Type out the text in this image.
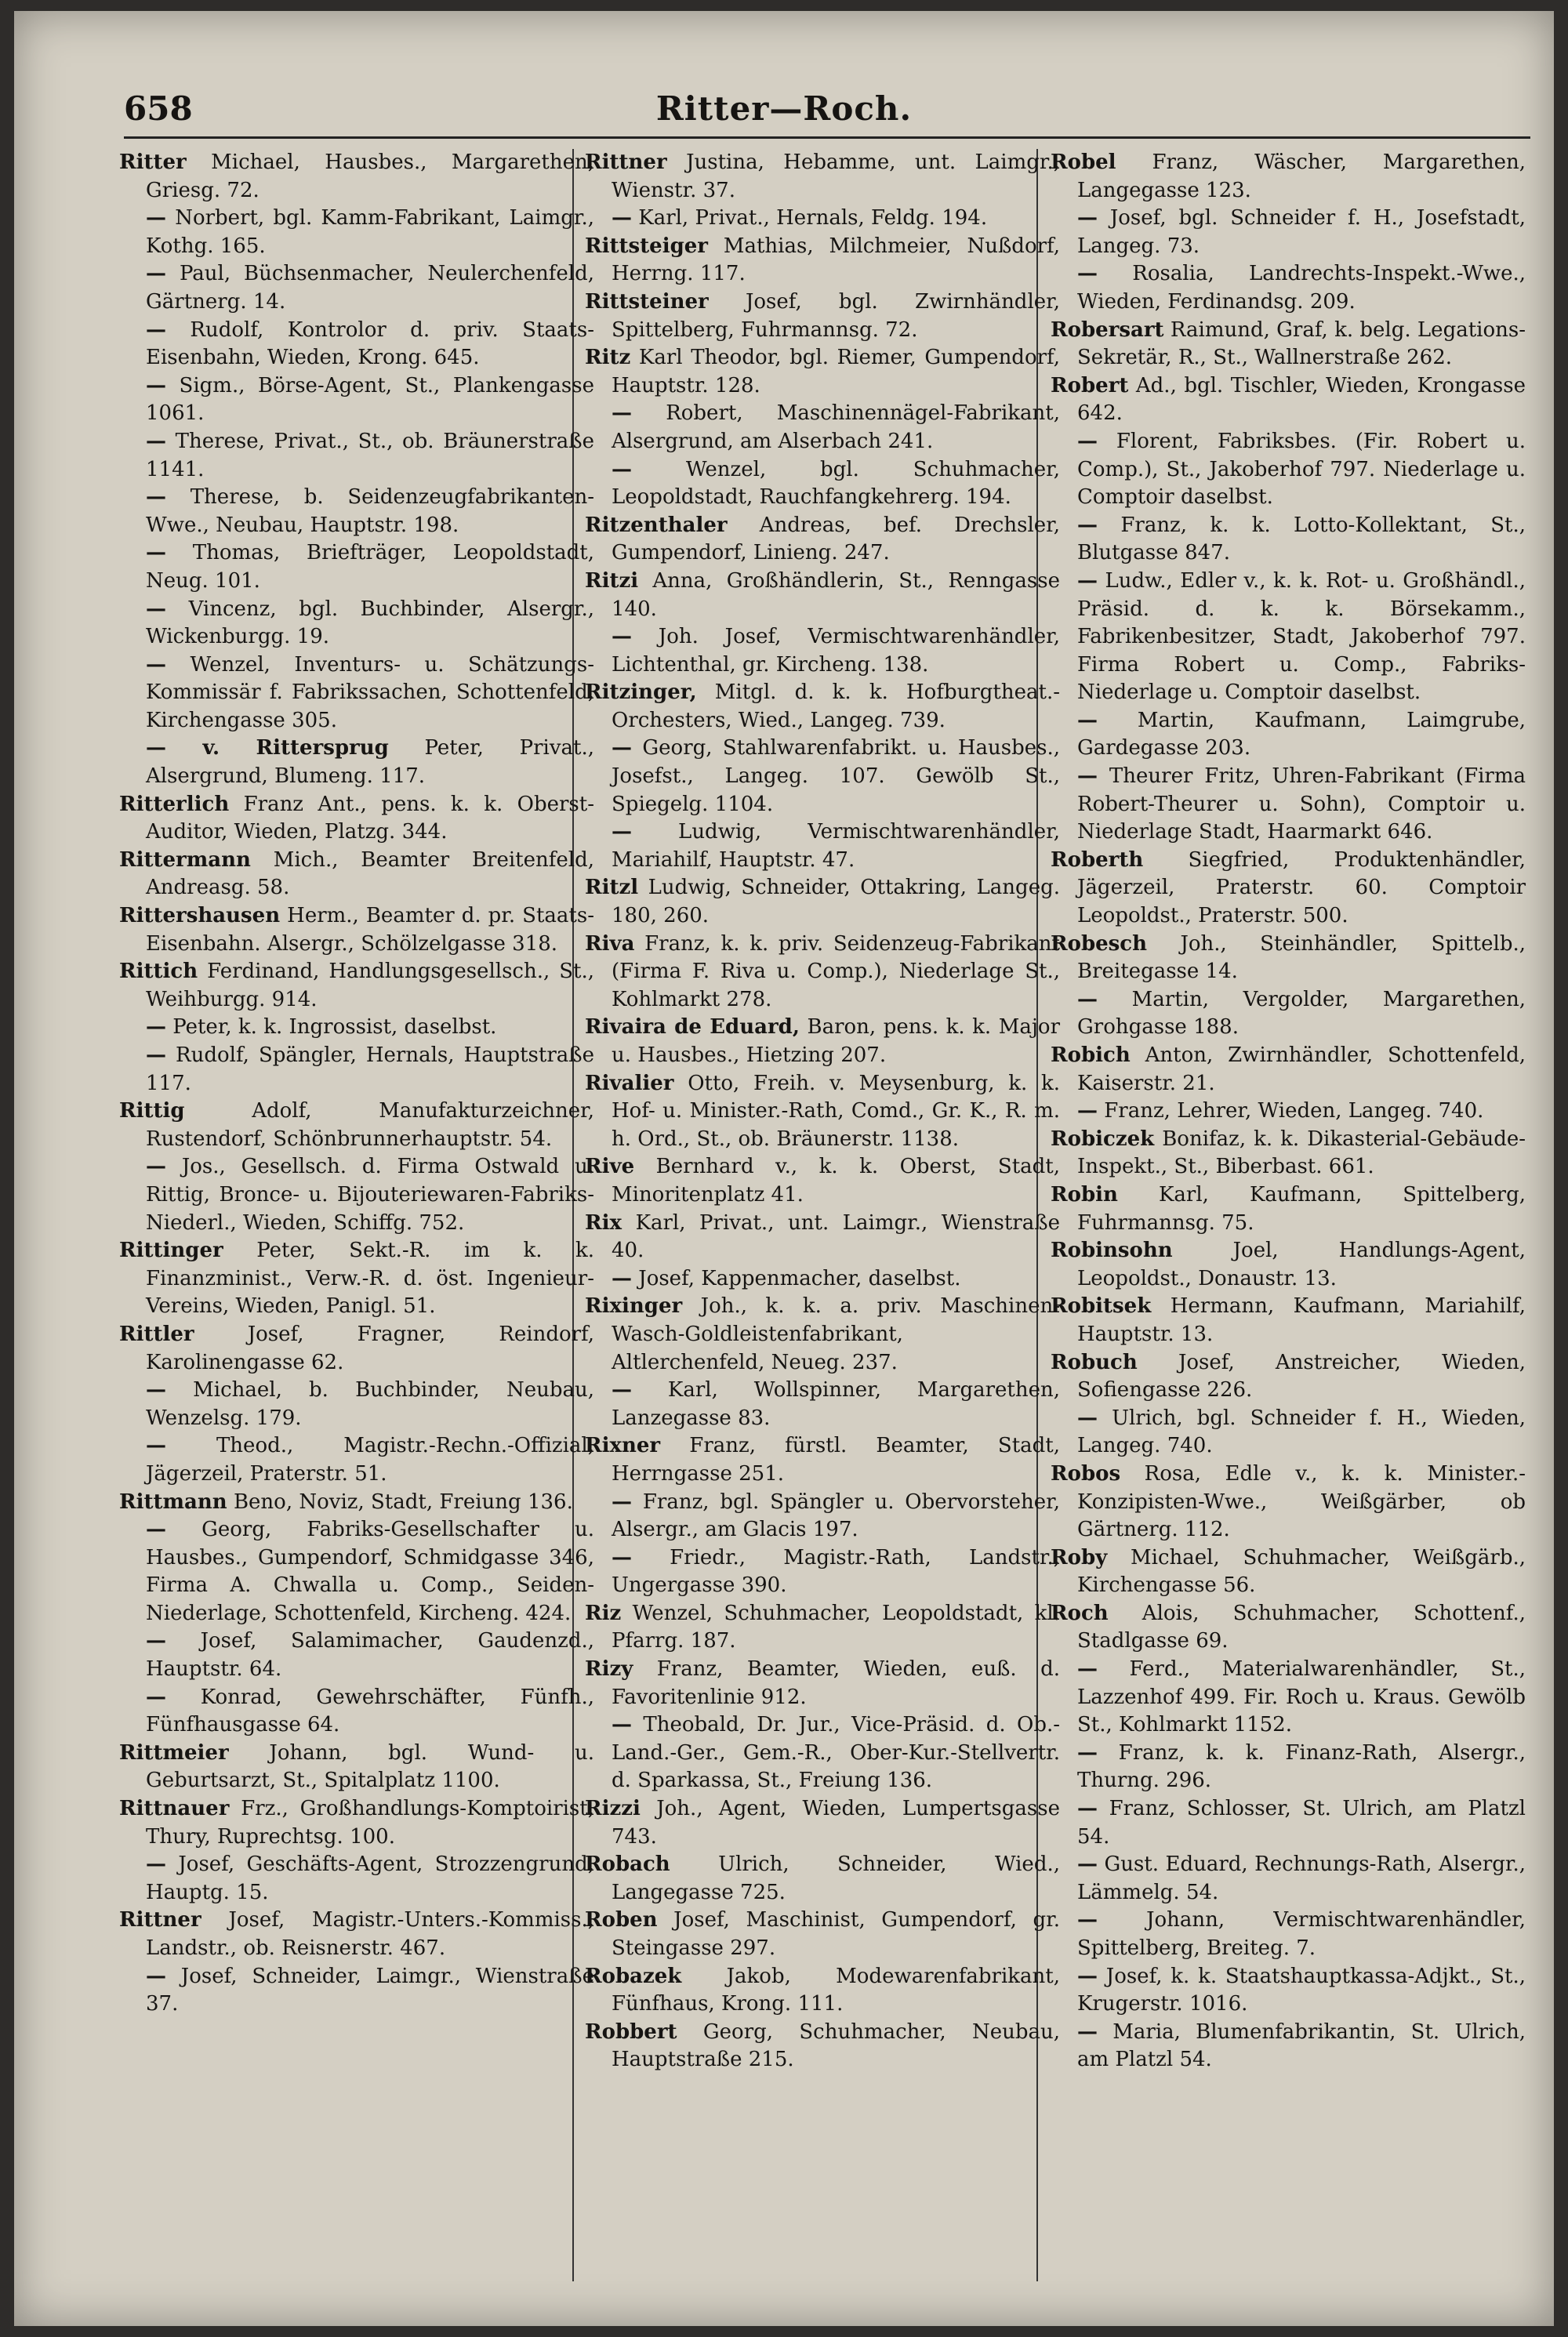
658	Ritter—Roch.

Ritter Michael, Hausbes., Margarethen, Griesg. 72.

— Norbert, bgl. Kamm-Fabrikant, Laimgr., Kothg. 165.

— Paul, Büchsenmacher, Neulerchenfeld, Gärtnerg. 14.

— Rudolf, Kontrolor d. priv. Staats-Eisenbahn, Wieden, Krong. 645.

— Sigm., Börse-Agent, St., Plankengasse 1061.

— Therese, Privat., St., ob. Bräunerstraße 1141.

— Therese, b. Seidenzeugfabrikanten-Wwe., Neubau, Hauptstr. 198.

— Thomas, Briefträger, Leopoldstadt, Neug. 101.

— Vincenz, bgl. Buchbinder, Alsergr., Wickenburgg. 19.

— Wenzel, Inventurs- u. Schätzungs-Kommissär f. Fabrikssachen, Schottenfeld, Kirchengasse 305.

— v. Rittersprug Peter, Privat., Alsergrund, Blumeng. 117.

Ritterlich Franz Ant., pens. k. k. Oberst-Auditor, Wieden, Platzg. 344.

Rittermann Mich., Beamter Breitenfeld, Andreasg. 58.

Rittershausen Herm., Beamter d. pr. Staats-Eisenbahn. Alsergr., Schölzelgasse 318.

Rittich Ferdinand, Handlungsgesellsch., St., Weihburgg. 914.

— Peter, k. k. Ingrossist, daselbst.

— Rudolf, Spängler, Hernals, Hauptstraße 117.

Rittig	Adolf, Manufakturzeichner, Rustendorf, Schönbrunnerhauptstr. 54.

— Jos., Gesellsch. d. Firma Ostwald u. Rittig, Bronce- u. Bijouteriewaren-Fabriks-Niederl., Wieden, Schiffg. 752.

Rittinger Peter, Sekt.-R. im k. k. Finanzminist., Verw.-R. d. öst. Ingenieur-Vereins, Wieden, Panigl. 51.

Rittler	Josef, Fragner, Reindorf, Karolinengasse 62.

— Michael, b. Buchbinder, Neubau, Wenzelsg. 179.

— Theod., Magistr.-Rechn.-Offizial, Jägerzeil, Praterstr. 51.

Rittmann Beno, Noviz, Stadt, Freiung 136.

— Georg, Fabriks-Gesellschafter u. Hausbes., Gumpendorf, Schmidgasse 346, Firma A. Chwalla u. Comp., Seiden-Niederlage, Schottenfeld, Kircheng. 424.

— Josef, Salamimacher, Gaudenzd., Hauptstr. 64.

— Konrad, Gewehrschäfter, Fünfh., Fünfhausgasse 64.

Rittmeier Johann, bgl. Wund- u. Geburtsarzt, St., Spitalplatz 1100.

Rittnauer Frz., Großhandlungs-Komptoirist, Thury, Ruprechtsg. 100.

— Josef, Geschäfts-Agent, Strozzengrund, Hauptg. 15.

Rittner Josef, Magistr.-Unters.-Kommiss., Landstr., ob. Reisnerstr. 467.

— Josef, Schneider, Laimgr., Wienstraße 37.

Rittner Justina, Hebamme, unt. Laimgr., Wienstr. 37.

— Karl, Privat., Hernals, Feldg. 194.

Rittsteiger Mathias, Milchmeier, Nußdorf, Herrng. 117.

Rittsteiner Josef, bgl. Zwirnhändler, Spittelberg, Fuhrmannsg. 72.

Ritz Karl Theodor, bgl. Riemer, Gumpendorf, Hauptstr. 128.

— Robert, Maschinennägel-Fabrikant, Alsergrund, am Alserbach 241.

—	Wenzel, bgl. Schuhmacher, Leopoldstadt, Rauchfangkehrerg. 194.

Ritzenthaler Andreas, bef. Drechsler, Gumpendorf, Linieng. 247.

Ritzi Anna, Großhändlerin, St., Renngasse 140.

— Joh. Josef, Vermischtwarenhändler, Lichtenthal, gr. Kircheng. 138.

Ritzinger, Mitgl. d. k. k. Hofburgtheat.-Orchesters, Wied., Langeg. 739.

— Georg, Stahlwarenfabrikt. u. Hausbes., Josefst., Langeg. 107. Gewölb St., Spiegelg. 1104.

— Ludwig, Vermischtwarenhändler, Mariahilf, Hauptstr. 47.

Ritzl Ludwig, Schneider, Ottakring, Langeg. 180, 260.

Riva Franz, k. k. priv. Seidenzeug-Fabrikant (Firma F. Riva u. Comp.), Niederlage St., Kohlmarkt 278.

Rivaira de Eduard, Baron, pens. k. k. Major u. Hausbes., Hietzing 207.

Rivalier Otto, Freih. v. Meysenburg, k. k. Hof- u. Minister.-Rath, Comd., Gr. K., R. m. h. Ord., St., ob. Bräunerstr. 1138.

Rive Bernhard v., k. k. Oberst, Stadt, Minoritenplatz 41.

Rix Karl, Privat., unt. Laimgr., Wienstraße 40.

— Josef, Kappenmacher, daselbst.

Rixinger Joh., k. k. a. priv. Maschinen-Wasch-Goldleistenfabrikant, Altlerchenfeld, Neueg. 237.

— Karl, Wollspinner, Margarethen, Lanzegasse 83.

Rixner Franz, fürstl. Beamter, Stadt, Herrngasse 251.

— Franz, bgl. Spängler u. Obervorsteher, Alsergr., am Glacis 197.

— Friedr., Magistr.-Rath, Landstr., Ungergasse 390.

Riz Wenzel, Schuhmacher, Leopoldstadt, kl. Pfarrg. 187.

Rizy Franz, Beamter, Wieden, euß. d. Favoritenlinie 912.

— Theobald, Dr. Jur., Vice-Präsid. d. Ob.-Land.-Ger., Gem.-R., Ober-Kur.-Stellvertr. d. Sparkassa, St., Freiung 136.

Rizzi Joh., Agent, Wieden, Lumpertsgasse 743.

Robach Ulrich, Schneider, Wied., Langegasse 725.

Roben Josef, Maschinist, Gumpendorf, gr. Steingasse 297.

Robazek Jakob, Modewarenfabrikant, Fünfhaus, Krong. 111.

Robbert Georg, Schuhmacher, Neubau, Hauptstraße 215.

Robel Franz, Wäscher, Margarethen, Langegasse 123.

— Josef, bgl. Schneider f. H., Josefstadt, Langeg. 73.

— Rosalia, Landrechts-Inspekt.-Wwe., Wieden, Ferdinandsg. 209.

Robersart Raimund, Graf, k. belg. Legations-Sekretär, R., St., Wallnerstraße 262.

Robert Ad., bgl. Tischler, Wieden, Krongasse 642.

— Florent, Fabriksbes. (Fir. Robert u. Comp.), St., Jakoberhof 797. Niederlage u. Comptoir daselbst.

— Franz, k. k. Lotto-Kollektant, St., Blutgasse 847.

— Ludw., Edler v., k. k. Rot- u. Großhändl., Präsid. d. k. k. Börsekamm., Fabrikenbesitzer, Stadt, Jakoberhof 797. Firma Robert u. Comp., Fabriks-Niederlage u. Comptoir daselbst.

— Martin, Kaufmann, Laimgrube, Gardegasse 203.

— Theurer Fritz, Uhren-Fabrikant (Firma Robert-Theurer u. Sohn), Comptoir u. Niederlage Stadt, Haarmarkt 646.

Roberth Siegfried, Produktenhändler, Jägerzeil, Praterstr. 60. Comptoir Leopoldst., Praterstr. 500.

Robesch Joh., Steinhändler, Spittelb., Breitegasse 14.

— Martin, Vergolder, Margarethen, Grohgasse 188.

Robich Anton, Zwirnhändler, Schottenfeld, Kaiserstr. 21.

— Franz, Lehrer, Wieden, Langeg. 740.

Robiczek Bonifaz, k. k. Dikasterial-Gebäude-Inspekt., St., Biberbast. 661.

Robin Karl, Kaufmann, Spittelberg, Fuhrmannsg. 75.

Robinsohn	Joel, Handlungs-Agent, Leopoldst., Donaustr. 13.

Robitsek Hermann, Kaufmann, Mariahilf, Hauptstr. 13.

Robuch Josef, Anstreicher, Wieden, Sofiengasse 226.

— Ulrich, bgl. Schneider f. H., Wieden, Langeg. 740.

Robos Rosa, Edle v., k. k. Minister.-Konzipisten-Wwe., Weißgärber, ob Gärtnerg. 112.

Roby Michael, Schuhmacher, Weißgärb., Kirchengasse 56.

Roch Alois, Schuhmacher, Schottenf., Stadlgasse 69.

— Ferd., Materialwarenhändler, St., Lazzenhof 499. Fir. Roch u. Kraus. Gewölb St., Kohlmarkt 1152.

— Franz, k. k. Finanz-Rath, Alsergr., Thurng. 296.

— Franz, Schlosser, St. Ulrich, am Platzl 54.

— Gust. Eduard, Rechnungs-Rath, Alsergr., Lämmelg. 54.

— Johann, Vermischtwarenhändler, Spittelberg, Breiteg. 7.

— Josef, k. k. Staatshauptkassa-Adjkt., St., Krugerstr. 1016.

— Maria, Blumenfabrikantin, St. Ulrich, am Platzl 54.
